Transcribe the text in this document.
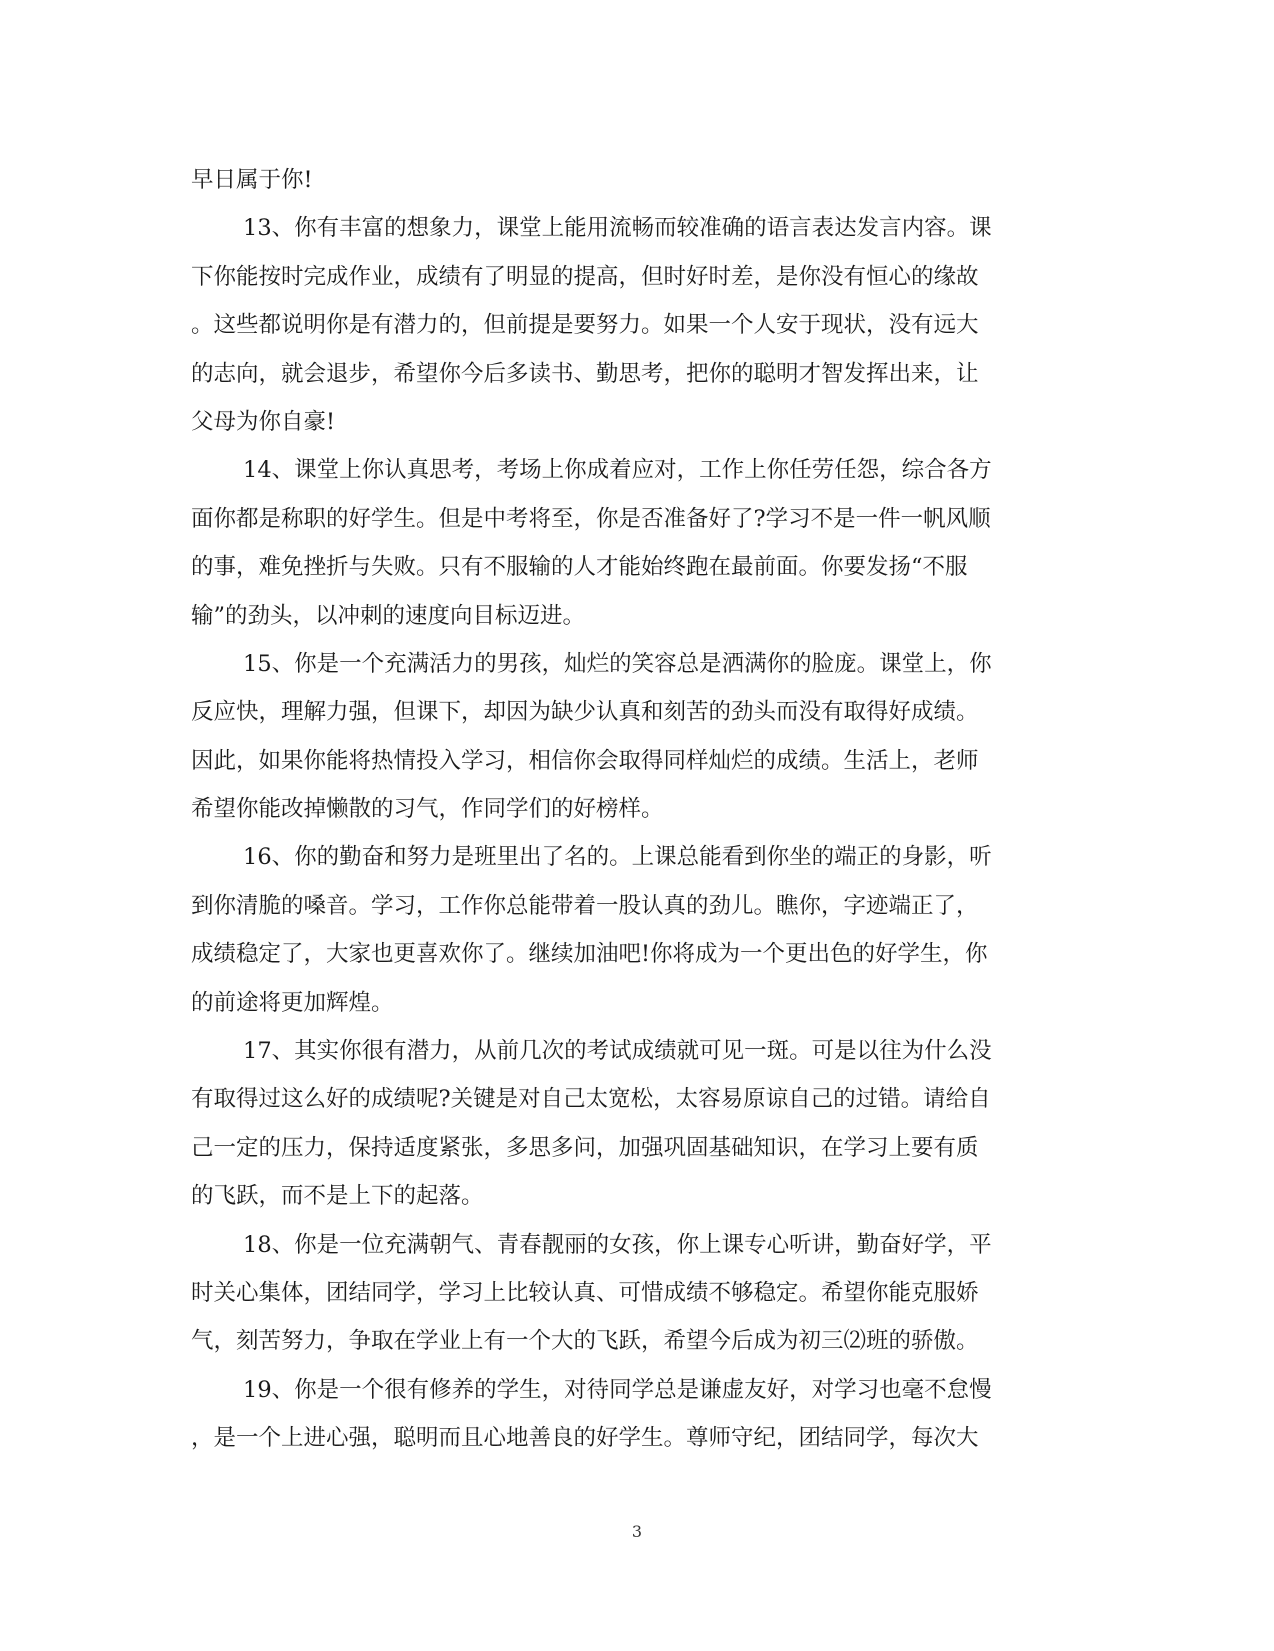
早日属于你!
13、你有丰富的想象力，课堂上能用流畅而较准确的语言表达发言内容。课
下你能按时完成作业，成绩有了明显的提高，但时好时差，是你没有恒心的缘故
。这些都说明你是有潜力的，但前提是要努力。如果一个人安于现状，没有远大
的志向，就会退步，希望你今后多读书、勤思考，把你的聪明才智发挥出来，让
父母为你自豪!
14、课堂上你认真思考，考场上你成着应对，工作上你任劳任怨，综合各方
面你都是称职的好学生。但是中考将至，你是否准备好了?学习不是一件一帆风顺
的事，难免挫折与失败。只有不服输的人才能始终跑在最前面。你要发扬“不服
输”的劲头，以冲刺的速度向目标迈进。
15、你是一个充满活力的男孩，灿烂的笑容总是洒满你的脸庞。课堂上，你
反应快，理解力强，但课下，却因为缺少认真和刻苦的劲头而没有取得好成绩。
因此，如果你能将热情投入学习，相信你会取得同样灿烂的成绩。生活上，老师
希望你能改掉懒散的习气，作同学们的好榜样。
16、你的勤奋和努力是班里出了名的。上课总能看到你坐的端正的身影，听
到你清脆的嗓音。学习，工作你总能带着一股认真的劲儿。瞧你，字迹端正了，
成绩稳定了，大家也更喜欢你了。继续加油吧!你将成为一个更出色的好学生，你
的前途将更加辉煌。
17、其实你很有潜力，从前几次的考试成绩就可见一斑。可是以往为什么没
有取得过这么好的成绩呢?关键是对自己太宽松，太容易原谅自己的过错。请给自
己一定的压力，保持适度紧张，多思多问，加强巩固基础知识，在学习上要有质
的飞跃，而不是上下的起落。
18、你是一位充满朝气、青春靓丽的女孩，你上课专心听讲，勤奋好学，平
时关心集体，团结同学，学习上比较认真、可惜成绩不够稳定。希望你能克服娇
气，刻苦努力，争取在学业上有一个大的飞跃，希望今后成为初三⑵班的骄傲。
19、你是一个很有修养的学生，对待同学总是谦虚友好，对学习也毫不怠慢
，是一个上进心强，聪明而且心地善良的好学生。尊师守纪，团结同学，每次大
3
